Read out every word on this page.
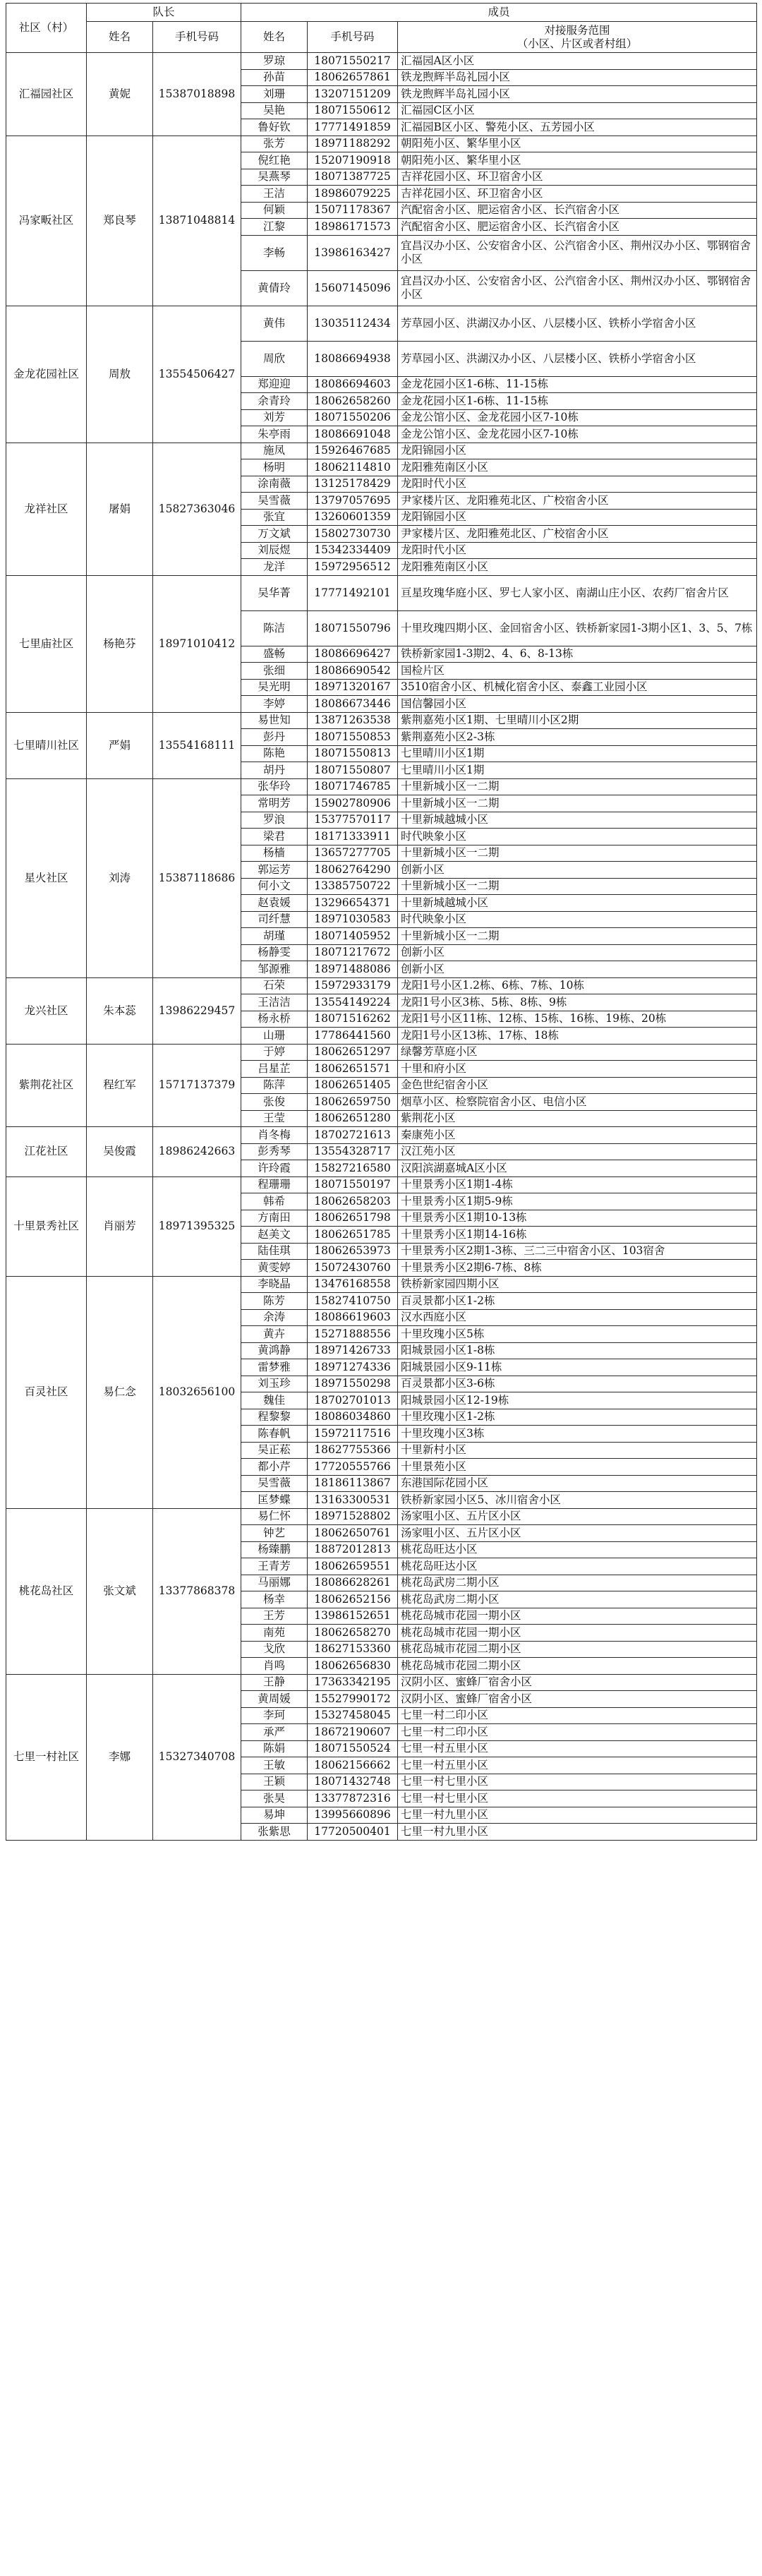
社区（村）	队长		成员		
	姓名	手机号码	姓名	手机号码	对接服务范围
（小区、片区或者村组）

汇福园社区	黄妮	15387018898	罗琼	18071550217	汇福园A区小区
			孙苗	18062657861	铁龙煦辉半岛礼园小区
			刘珊	13207151209	铁龙煦辉半岛礼园小区
			吴艳	18071550612	汇福园C区小区
			鲁好钦	17771491859	汇福园B区小区、警苑小区、五芳园小区
冯家畈社区	郑良琴	13871048814	张芳	18971188292	朝阳苑小区、繁华里小区
			倪红艳	15207190918	朝阳苑小区、繁华里小区
			吴燕琴	18071387725	吉祥花园小区、环卫宿舍小区
			王洁	18986079225	吉祥花园小区、环卫宿舍小区
			何颖	15071178367	汽配宿舍小区、肥运宿舍小区、长汽宿舍小区
			江黎	18986171573	汽配宿舍小区、肥运宿舍小区、长汽宿舍小区
			李畅	13986163427	宜昌汉办小区、公安宿舍小区、公汽宿舍小区、荆州汉办小区、鄂钢宿舍小区
			黄倩玲	15607145096	宜昌汉办小区、公安宿舍小区、公汽宿舍小区、荆州汉办小区、鄂钢宿舍小区
金龙花园社区	周敖	13554506427	黄伟	13035112434	芳草园小区、洪湖汉办小区、八层楼小区、铁桥小学宿舍小区
			周欣	18086694938	芳草园小区、洪湖汉办小区、八层楼小区、铁桥小学宿舍小区
			郑迎迎	18086694603	金龙花园小区1-6栋、11-15栋
			余青玲	18062658260	金龙花园小区1-6栋、11-15栋
			刘芳	18071550206	金龙公馆小区、金龙花园小区7-10栋
			朱亭雨	18086691048	金龙公馆小区、金龙花园小区7-10栋
龙祥社区	屠娟	15827363046	施凤	15926467685	龙阳锦园小区
			杨明	18062114810	龙阳雅苑南区小区
			涂南薇	13125178429	龙阳时代小区
			吴雪薇	13797057695	尹家楼片区、龙阳雅苑北区、广校宿舍小区
			张宜	13260601359	龙阳锦园小区
			万文斌	15802730730	尹家楼片区、龙阳雅苑北区、广校宿舍小区
			刘辰煜	15342334409	龙阳时代小区
			龙洋	15972956512	龙阳雅苑南区小区
七里庙社区	杨艳芬	18971010412	吴华菁	17771492101	亘星玫瑰华庭小区、罗七人家小区、南湖山庄小区、农药厂宿舍片区
			陈洁	18071550796	十里玫瑰四期小区、金回宿舍小区、铁桥新家园1-3期小区1、3、5、7栋
			盛畅	18086696427	铁桥新家园1-3期2、4、6、8-13栋
			张细	18086690542	国检片区
			吴光明	18971320167	3510宿舍小区、机械化宿舍小区、泰鑫工业园小区
			李婷	18086673446	国信馨园小区
七里晴川社区	严娟	13554168111	易世知	13871263538	紫荆嘉苑小区1期、七里晴川小区2期
			彭丹	18071550853	紫荆嘉苑小区2-3栋
			陈艳	18071550813	七里晴川小区1期
			胡丹	18071550807	七里晴川小区1期
星火社区	刘涛	15387118686	张华玲	18071746785	十里新城小区一二期
			常明芳	15902780906	十里新城小区一二期
			罗浪	15377570117	十里新城越城小区
			梁君	18171333911	时代映象小区
			杨樯	13657277705	十里新城小区一二期
			郭运芳	18062764290	创新小区
			何小文	13385750722	十里新城小区一二期
			赵袁媛	13296654371	十里新城越城小区
			司纤慧	18971030583	时代映象小区
			胡瑾	18071405952	十里新城小区一二期
			杨静雯	18071217672	创新小区
			邹源雅	18971488086	创新小区
龙兴社区	朱本蕊	13986229457	石荣	15972933179	龙阳1号小区1.2栋、6栋、7栋、10栋
			王洁洁	13554149224	龙阳1号小区3栋、5栋、8栋、9栋
			杨永桥	18071516262	龙阳1号小区11栋、12栋、15栋、16栋、19栋、20栋
			山珊	17786441560	龙阳1号小区13栋、17栋、18栋
紫荆花社区	程红军	15717137379	于婷	18062651297	绿馨芳草庭小区
			吕星芷	18062651571	十里和府小区
			陈萍	18062651405	金色世纪宿舍小区
			张俊	18062659750	烟草小区、检察院宿舍小区、电信小区
			王莹	18062651280	紫荆花小区
江花社区	吴俊霞	18986242663	肖冬梅	18702721613	秦康苑小区
			彭秀琴	13554328717	汉江苑小区
			许玲霞	15827216580	汉阳滨湖嘉城A区小区
十里景秀社区	肖丽芳	18971395325	程珊珊	18071550197	十里景秀小区1期1-4栋
			韩希	18062658203	十里景秀小区1期5-9栋
			方南田	18062651798	十里景秀小区1期10-13栋
			赵美文	18062651785	十里景秀小区1期14-16栋
			陆佳琪	18062653973	十里景秀小区2期1-3栋、三二三中宿舍小区、103宿舍
			黄雯婷	15072430760	十里景秀小区2期6-7栋、8栋
百灵社区	易仁念	18032656100	李晓晶	13476168558	铁桥新家园四期小区
			陈芳	15827410750	百灵景都小区1-2栋
			余涛	18086619603	汉水西庭小区
			黄卉	15271888556	十里玫瑰小区5栋
			黄鸿静	18971426733	阳城景园小区1-8栋
			雷梦雅	18971274336	阳城景园小区9-11栋
			刘玉珍	18971550298	百灵景都小区3-6栋
			魏佳	18702701013	阳城景园小区12-19栋
			程黎黎	18086034860	十里玫瑰小区1-2栋
			陈春帆	15972117516	十里玫瑰小区3栋
			吴正菘	18627755366	十里新村小区
			都小芹	17720555766	十里景苑小区
			吴雪薇	18186113867	东港国际花园小区
			匡梦蝶	13163300531	铁桥新家园小区5、冰川宿舍小区
桃花岛社区	张文斌	13377868378	易仁怀	18971528802	汤家咀小区、五片区小区
			钟艺	18062650761	汤家咀小区、五片区小区
			杨臻鹏	18872012813	桃花岛旺达小区
			王青芳	18062659551	桃花岛旺达小区
			马丽娜	18086628261	桃花岛武房二期小区
			杨幸	18062652156	桃花岛武房二期小区
			王芳	13986152651	桃花岛城市花园一期小区
			南苑	18062658270	桃花岛城市花园一期小区
			戈欣	18627153360	桃花岛城市花园二期小区
			肖鸣	18062656830	桃花岛城市花园二期小区
七里一村社区	李娜	15327340708	王静	17363342195	汉阴小区、蜜蜂厂宿舍小区
			黄周媛	15527990172	汉阴小区、蜜蜂厂宿舍小区
			李珂	15327458045	七里一村二印小区
			承严	18672190607	七里一村二印小区
			陈娟	18071550524	七里一村五里小区
			王敏	18062156662	七里一村五里小区
			王颖	18071432748	七里一村七里小区
			张昊	13377872316	七里一村七里小区
			易坤	13995660896	七里一村九里小区
			张紫思	17720500401	七里一村九里小区
